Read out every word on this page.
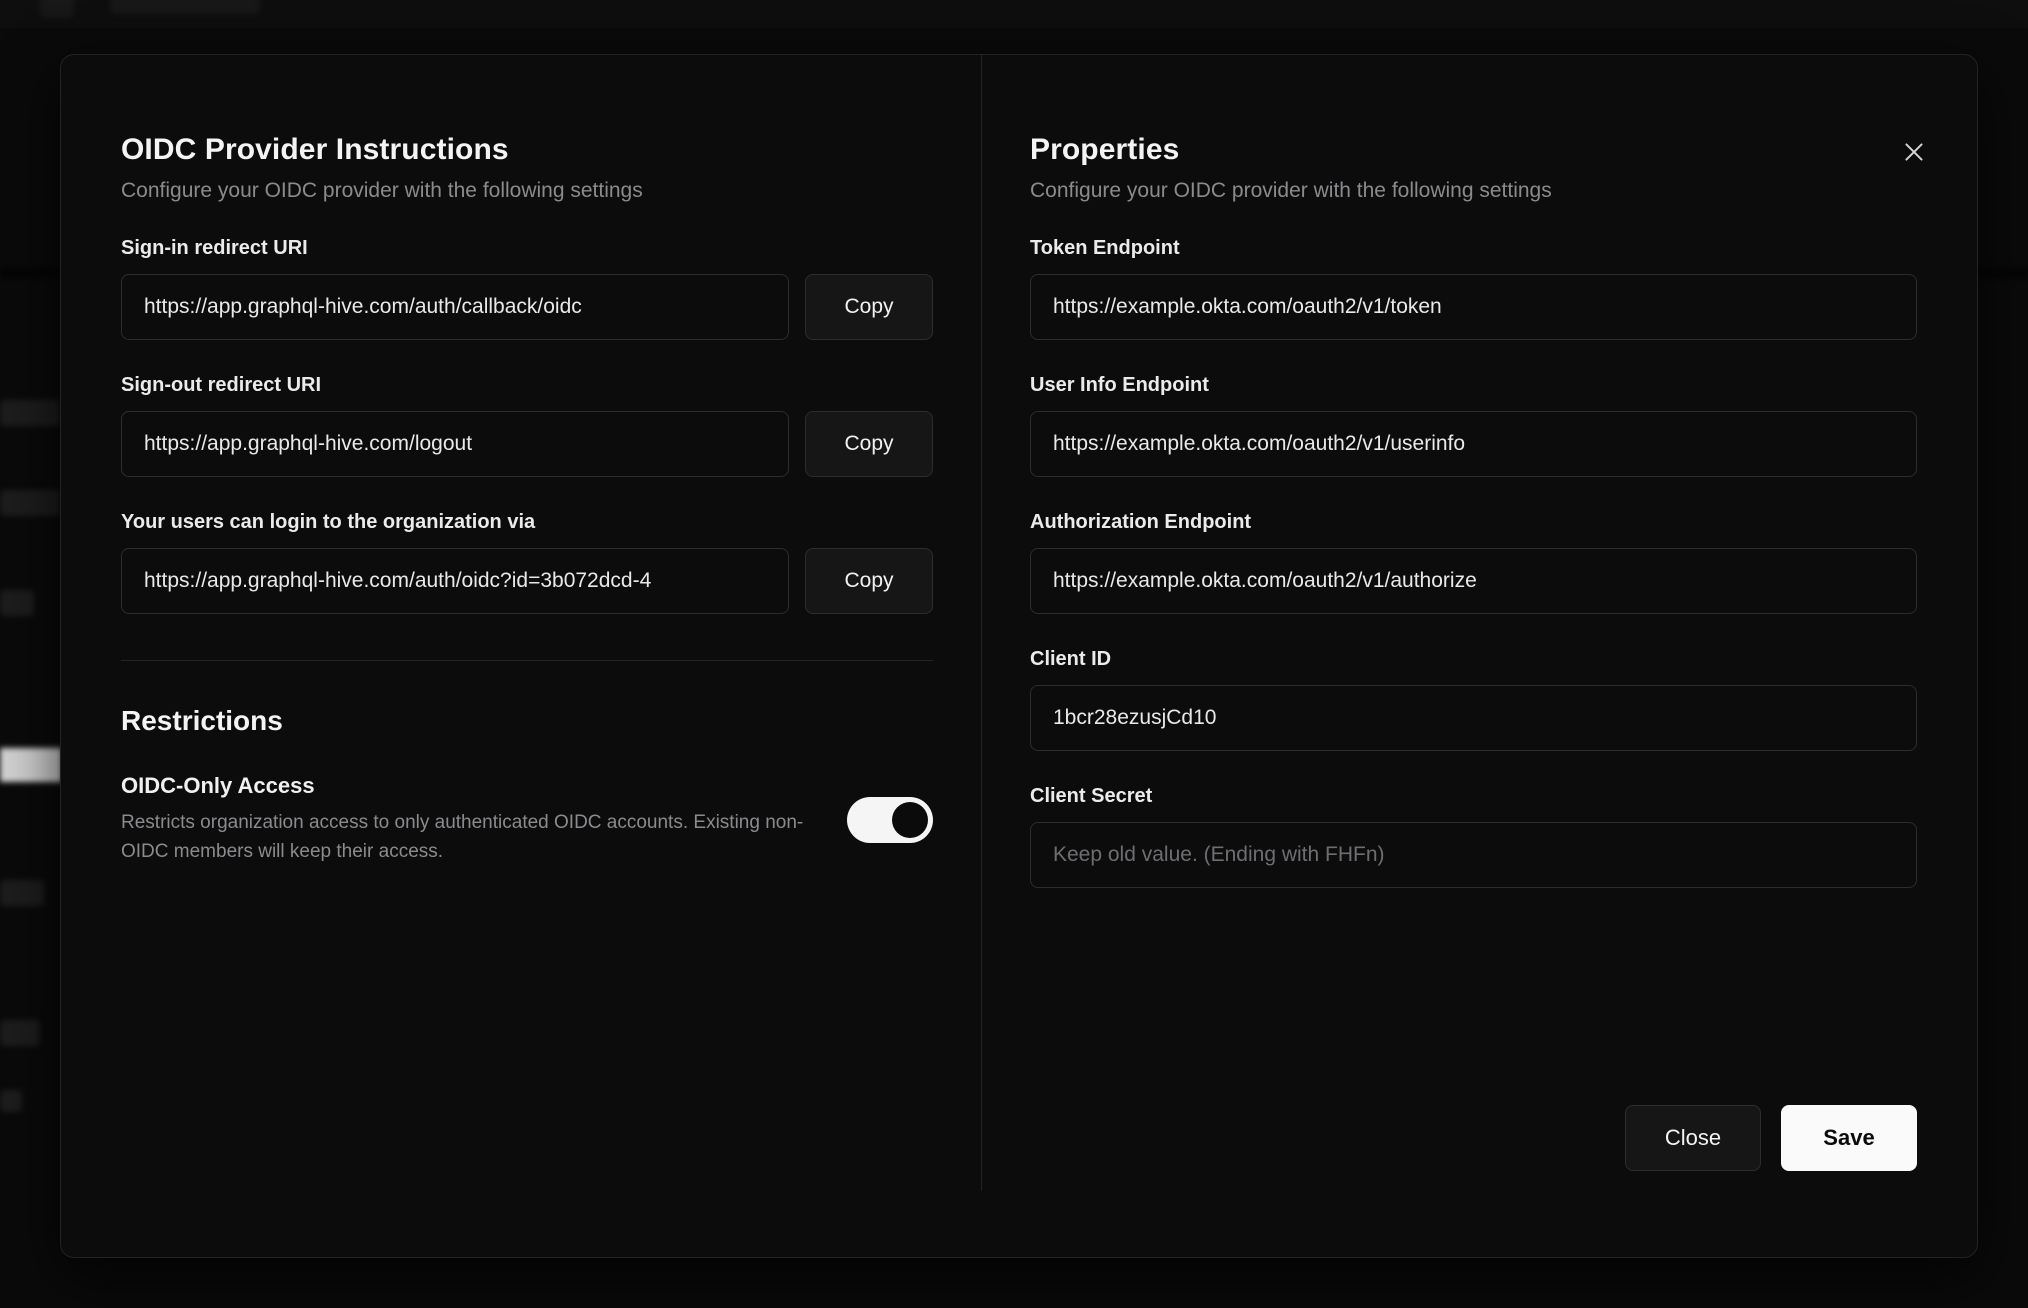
OIDC Provider Instructions

Configure your OIDC provider with the following settings

Sign-in redirect URI
https://app.graphql-hive.com/auth/callback/oidc
Copy
Sign-out redirect URI
https://app.graphql-hive.com/logout
Copy
Your users can login to the organization via
https://app.graphql-hive.com/auth/oidc?id=3b072dcd-4
Copy
Restrictions

OIDC-Only Access

Restricts organization access to only authenticated OIDC accounts. Existing non-OIDC members will keep their access.

Properties

Configure your OIDC provider with the following settings

Token Endpoint
https://example.okta.com/oauth2/v1/token
User Info Endpoint
https://example.okta.com/oauth2/v1/userinfo
Authorization Endpoint
https://example.okta.com/oauth2/v1/authorize
Client ID
1bcr28ezusjCd10
Client Secret
Keep old value. (Ending with FHFn)
Close	Save
